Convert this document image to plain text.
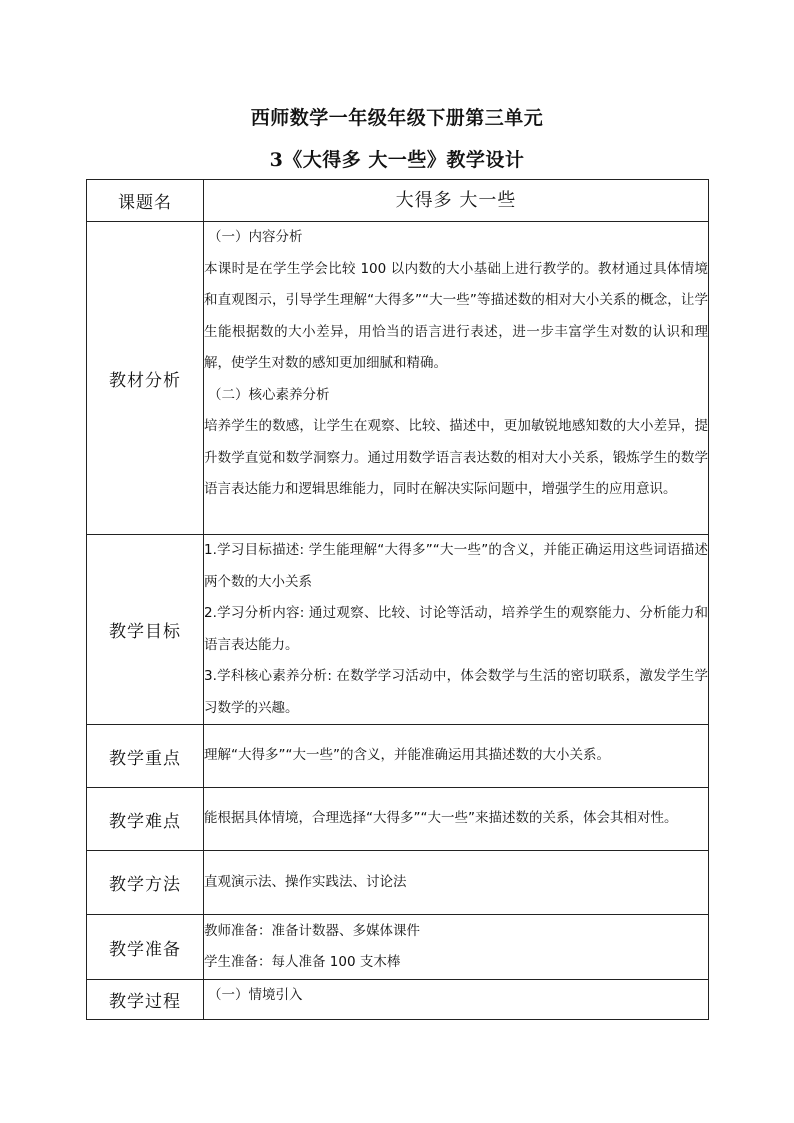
西师数学一年级年级下册第三单元
3《大得多 大一些》教学设计
课题名	大得多 大一些
教材分析	（一）内容分析
本课时是在学生学会比较 100 以内数的大小基础上进行教学的。教材通过具体情境和直观图示，引导学生理解“大得多”“大一些”等描述数的相对大小关系的概念，让学生能根据数的大小差异，用恰当的语言进行表述，进一步丰富学生对数的认识和理解，使学生对数的感知更加细腻和精确。
（二）核心素养分析
培养学生的数感，让学生在观察、比较、描述中，更加敏锐地感知数的大小差异，提升数学直觉和数学洞察力。通过用数学语言表达数的相对大小关系，锻炼学生的数学语言表达能力和逻辑思维能力，同时在解决实际问题中，增强学生的应用意识。

教学目标	1.学习目标描述: 学生能理解“大得多”“大一些”的含义，并能正确运用这些词语描述两个数的大小关系
2.学习分析内容: 通过观察、比较、讨论等活动，培养学生的观察能力、分析能力和语言表达能力。
3.学科核心素养分析: 在数学学习活动中，体会数学与生活的密切联系，激发学生学习数学的兴趣。

教学重点	理解“大得多”“大一些”的含义，并能准确运用其描述数的大小关系。
教学难点	能根据具体情境，合理选择“大得多”“大一些”来描述数的关系，体会其相对性。
教学方法	直观演示法、操作实践法、讨论法
教学准备	教师准备：准备计数器、多媒体课件
学生准备：每人准备 100 支木棒

教学过程	（一）情境引入
